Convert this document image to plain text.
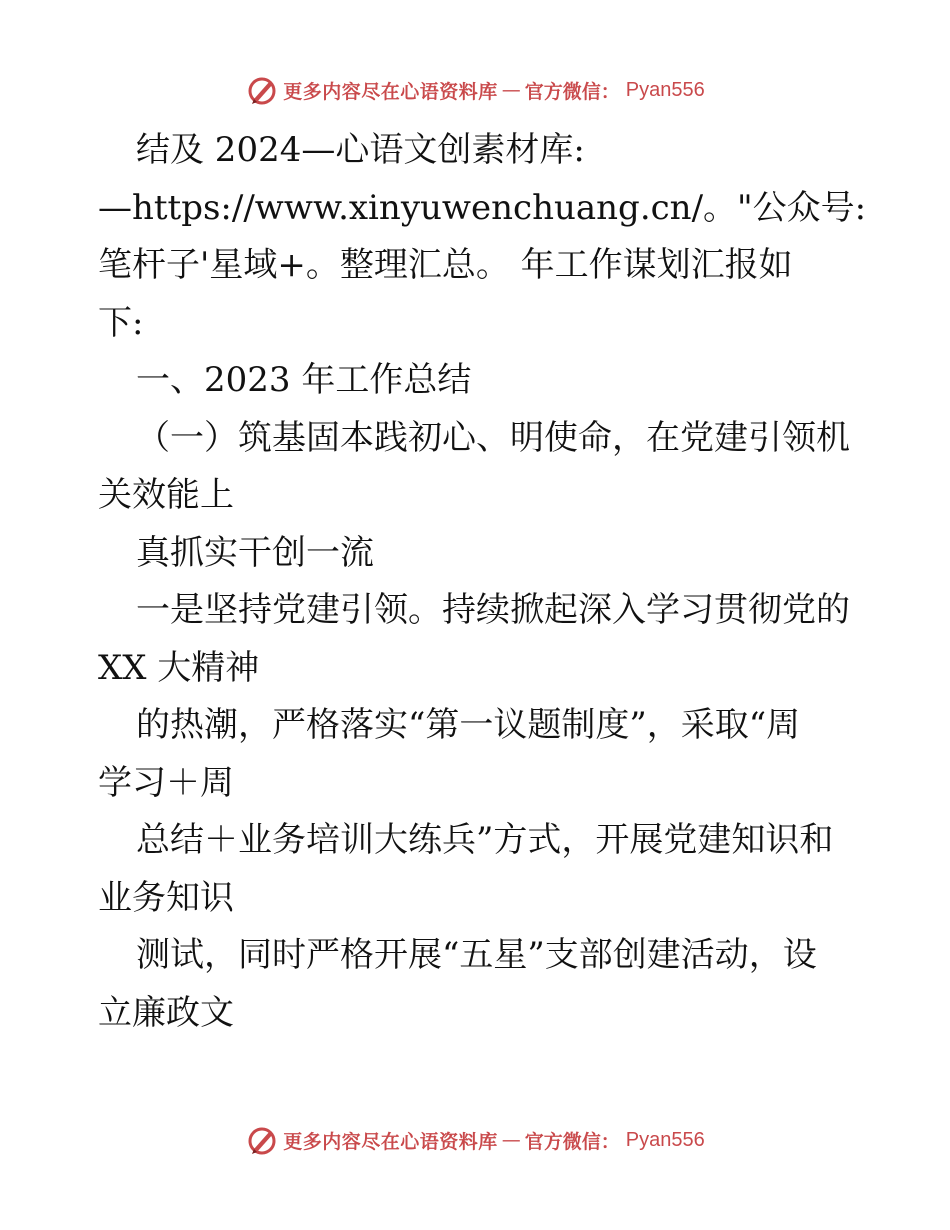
更多内容尽在心语资料库 — 官方微信： Pyan556
结及 2024—心语文创素材库:
—https://www.xinyuwenchuang.cn/。"公众号:
笔杆子'星域+。整理汇总。 年工作谋划汇报如
下:
一、2023 年工作总结
（一）筑基固本践初心、明使命，在党建引领机
关效能上
真抓实干创一流
一是坚持党建引领。持续掀起深入学习贯彻党的
XX 大精神
的热潮，严格落实“第一议题制度”，采取“周
学习＋周
总结＋业务培训大练兵”方式，开展党建知识和
业务知识
测试，同时严格开展“五星”支部创建活动，设
立廉政文
更多内容尽在心语资料库 — 官方微信： Pyan556
